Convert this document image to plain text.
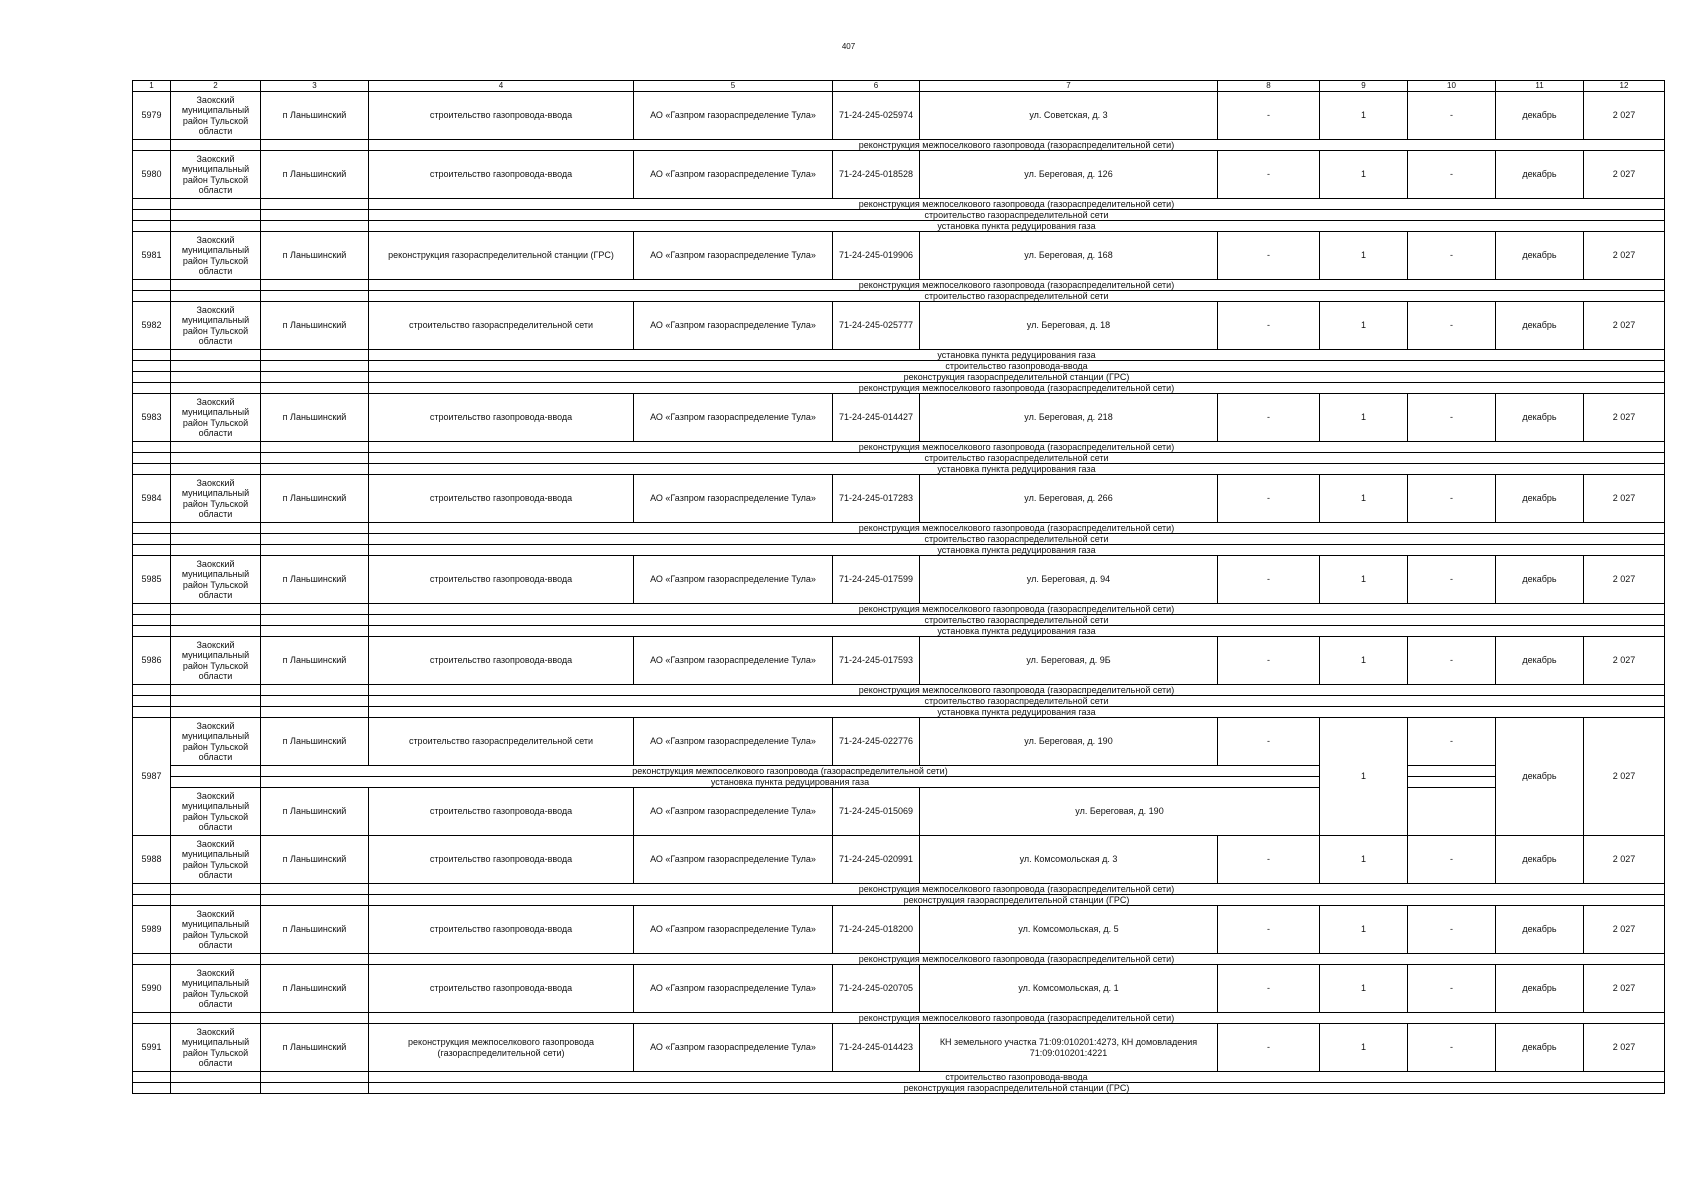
407
1	2	3	4	5	6	7	8	9	10	11	12
5979	Заокский муниципальный район Тульской области	п Ланьшинский	строительство газопровода-ввода	АО «Газпром газораспределение Тула»	71-24-245-025974	ул. Советская, д. 3	-	1	-	декабрь	2 027
			реконструкция межпоселкового газопровода (газораспределительной сети)								
5980	Заокский муниципальный район Тульской области	п Ланьшинский	строительство газопровода-ввода	АО «Газпром газораспределение Тула»	71-24-245-018528	ул. Береговая, д. 126	-	1	-	декабрь	2 027
			реконструкция межпоселкового газопровода (газораспределительной сети)								
			строительство газораспределительной сети								
			установка пункта редуцирования газа								
5981	Заокский муниципальный район Тульской области	п Ланьшинский	реконструкция газораспределительной станции (ГРС)	АО «Газпром газораспределение Тула»	71-24-245-019906	ул. Береговая, д. 168	-	1	-	декабрь	2 027
			реконструкция межпоселкового газопровода (газораспределительной сети)								
			строительство газораспределительной сети								
5982	Заокский муниципальный район Тульской области	п Ланьшинский	строительство газораспределительной сети	АО «Газпром газораспределение Тула»	71-24-245-025777	ул. Береговая, д. 18	-	1	-	декабрь	2 027
			установка пункта редуцирования газа								
			строительство газопровода-ввода								
			реконструкция газораспределительной станции (ГРС)								
			реконструкция межпоселкового газопровода (газораспределительной сети)								
5983	Заокский муниципальный район Тульской области	п Ланьшинский	строительство газопровода-ввода	АО «Газпром газораспределение Тула»	71-24-245-014427	ул. Береговая, д. 218	-	1	-	декабрь	2 027
			реконструкция межпоселкового газопровода (газораспределительной сети)								
			строительство газораспределительной сети								
			установка пункта редуцирования газа								
5984	Заокский муниципальный район Тульской области	п Ланьшинский	строительство газопровода-ввода	АО «Газпром газораспределение Тула»	71-24-245-017283	ул. Береговая, д. 266	-	1	-	декабрь	2 027
			реконструкция межпоселкового газопровода (газораспределительной сети)								
			строительство газораспределительной сети								
			установка пункта редуцирования газа								
5985	Заокский муниципальный район Тульской области	п Ланьшинский	строительство газопровода-ввода	АО «Газпром газораспределение Тула»	71-24-245-017599	ул. Береговая, д. 94	-	1	-	декабрь	2 027
			реконструкция межпоселкового газопровода (газораспределительной сети)								
			строительство газораспределительной сети								
			установка пункта редуцирования газа								
5986	Заокский муниципальный район Тульской области	п Ланьшинский	строительство газопровода-ввода	АО «Газпром газораспределение Тула»	71-24-245-017593	ул. Береговая, д. 9Б	-	1	-	декабрь	2 027
			реконструкция межпоселкового газопровода (газораспределительной сети)								
			строительство газораспределительной сети								
			установка пункта редуцирования газа								
5987	Заокский муниципальный район Тульской области	п Ланьшинский	строительство газораспределительной сети	АО «Газпром газораспределение Тула»	71-24-245-022776	ул. Береговая, д. 190	-	1	-	декабрь	2 027
		реконструкция межпоселкового газопровода (газораспределительной сети)									
		установка пункта редуцирования газа									
	Заокский муниципальный район Тульской области	п Ланьшинский	строительство газопровода-ввода	АО «Газпром газораспределение Тула»	71-24-245-015069	ул. Береговая, д. 190					
5988	Заокский муниципальный район Тульской области	п Ланьшинский	строительство газопровода-ввода	АО «Газпром газораспределение Тула»	71-24-245-020991	ул. Комсомольская д. 3	-	1	-	декабрь	2 027
			реконструкция межпоселкового газопровода (газораспределительной сети)								
			реконструкция газораспределительной станции (ГРС)								
5989	Заокский муниципальный район Тульской области	п Ланьшинский	строительство газопровода-ввода	АО «Газпром газораспределение Тула»	71-24-245-018200	ул. Комсомольская, д. 5	-	1	-	декабрь	2 027
			реконструкция межпоселкового газопровода (газораспределительной сети)								
5990	Заокский муниципальный район Тульской области	п Ланьшинский	строительство газопровода-ввода	АО «Газпром газораспределение Тула»	71-24-245-020705	ул. Комсомольская, д. 1	-	1	-	декабрь	2 027
			реконструкция межпоселкового газопровода (газораспределительной сети)								
5991	Заокский муниципальный район Тульской области	п Ланьшинский	реконструкция межпоселкового газопровода (газораспределительной сети)	АО «Газпром газораспределение Тула»	71-24-245-014423	КН земельного участка 71:09:010201:4273, КН домовладения 71:09:010201:4221	-	1	-	декабрь	2 027
			строительство газопровода-ввода								
			реконструкция газораспределительной станции (ГРС)								
